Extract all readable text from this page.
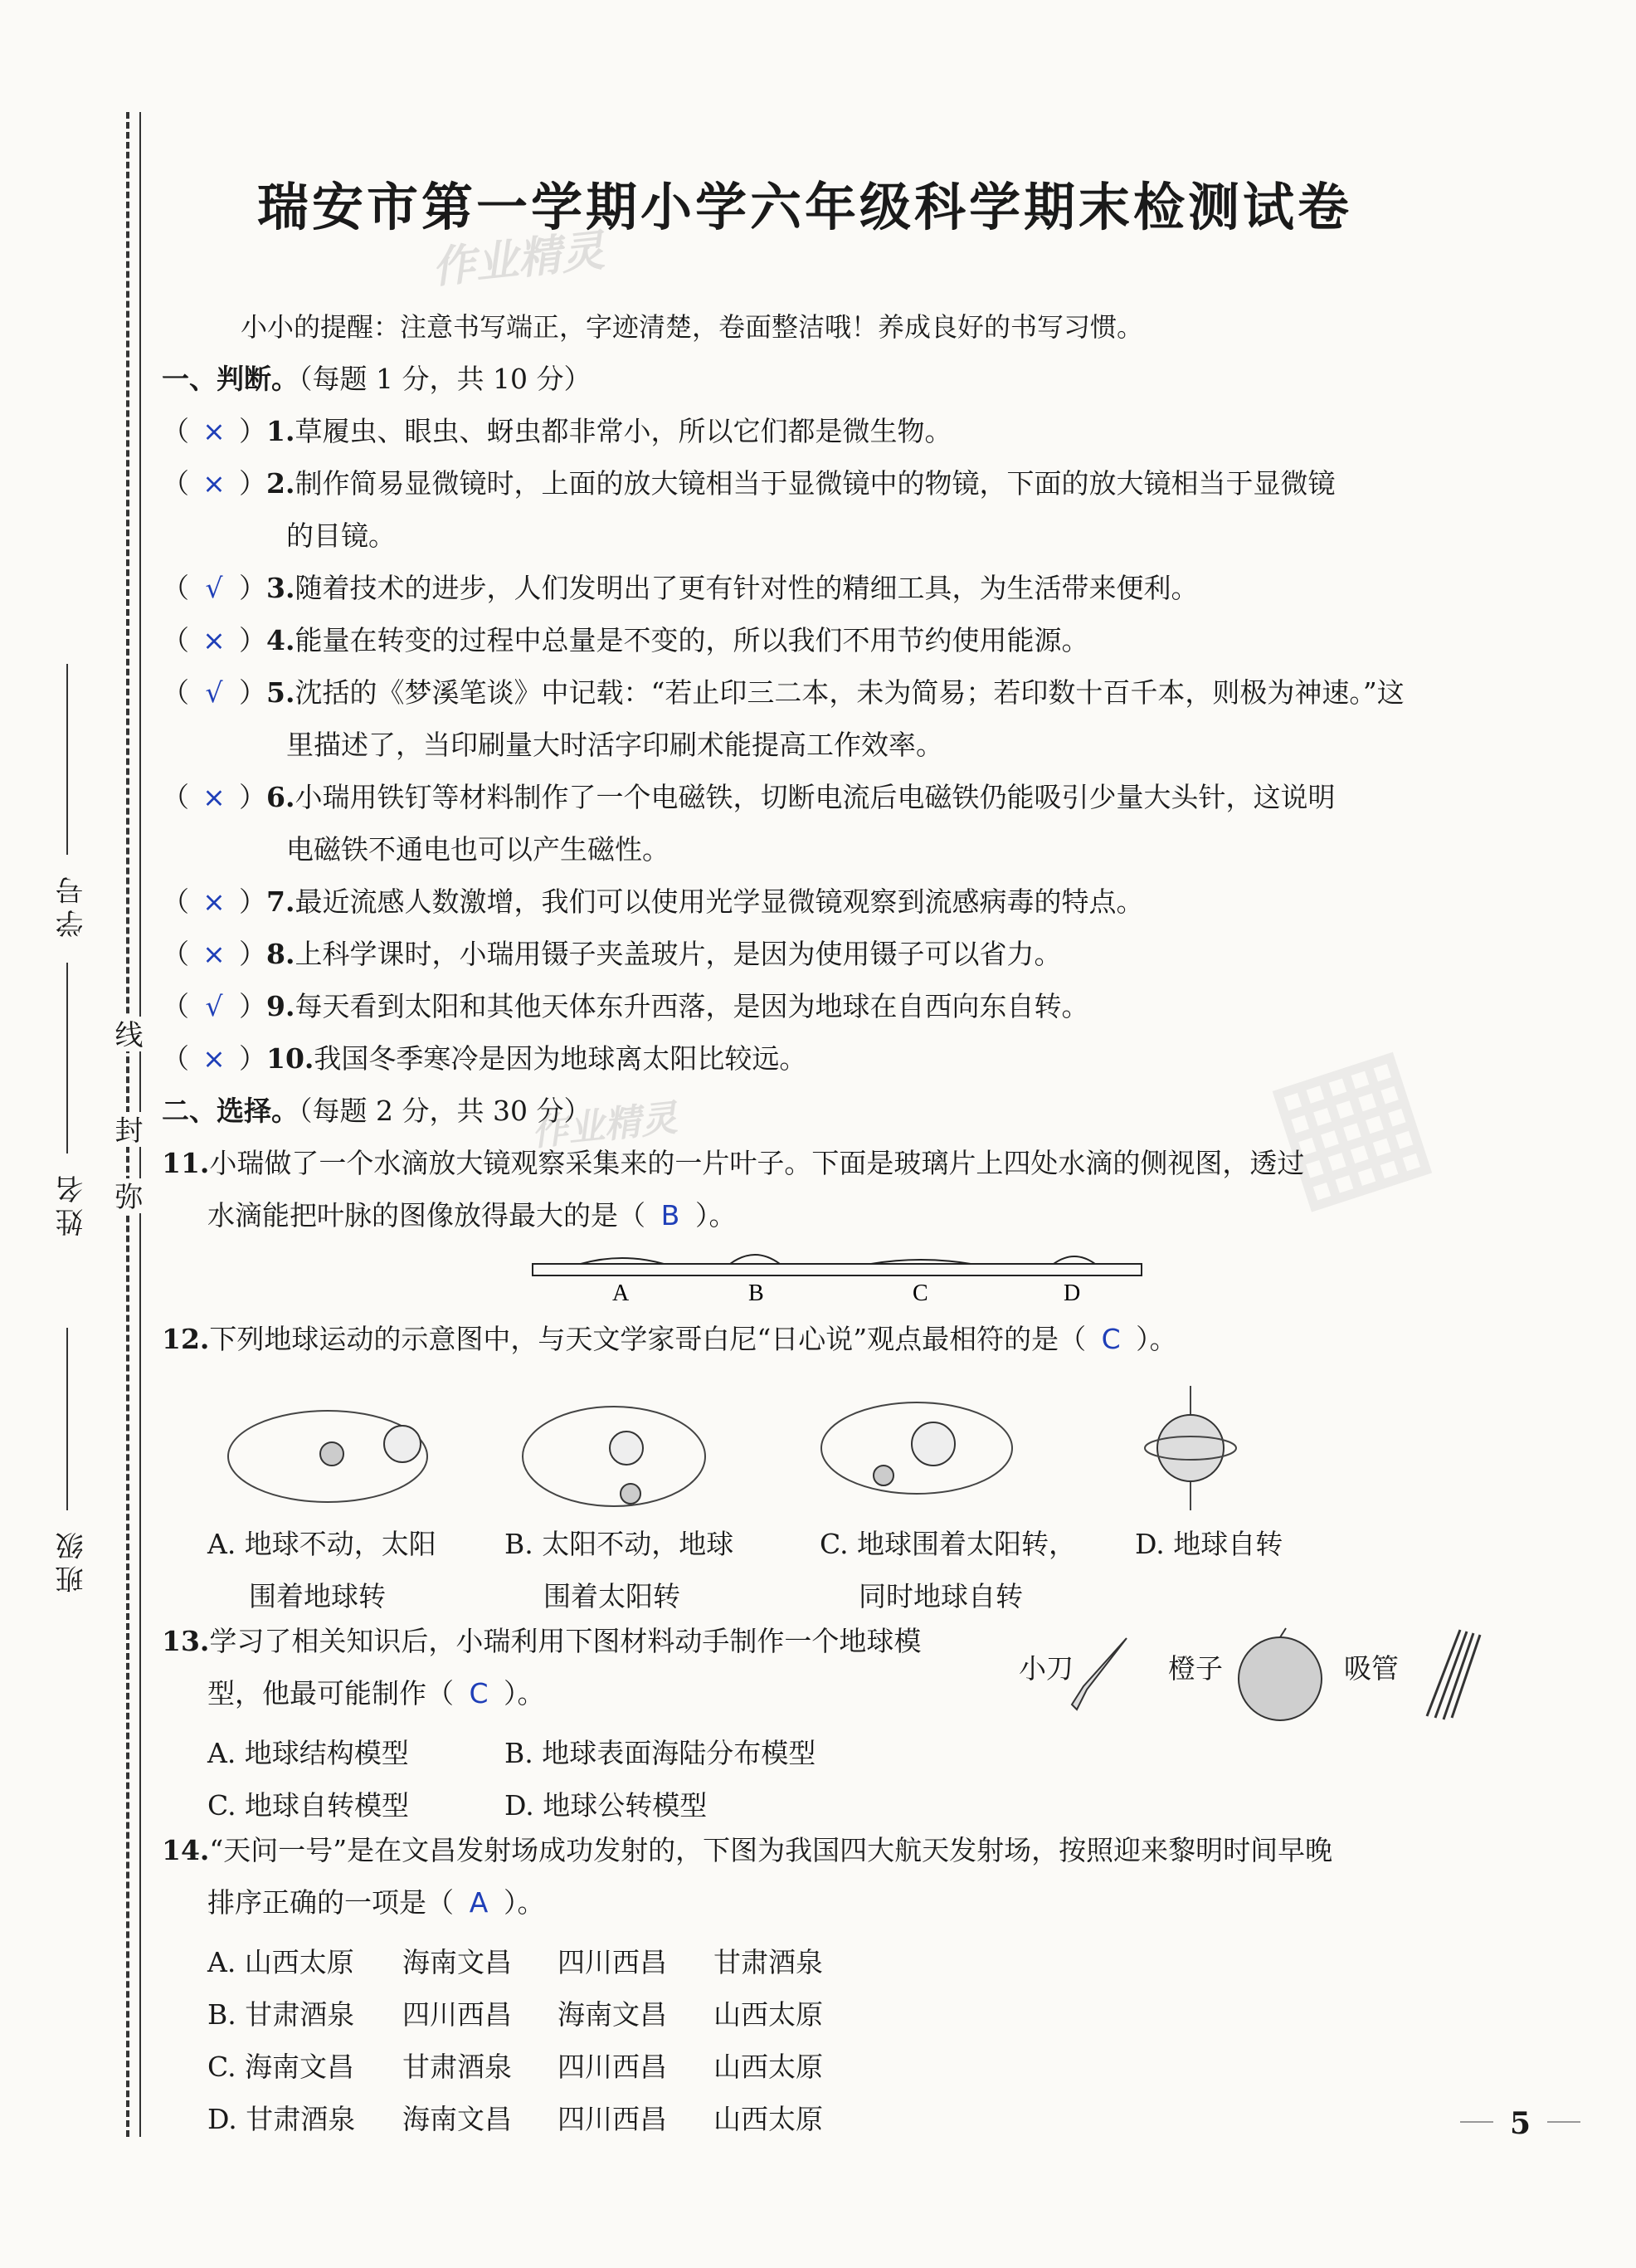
班级
姓名
学号
弥
封
线
作业精灵
作业精灵	▦
瑞安市第一学期小学六年级科学期末检测试卷
小小的提醒：注意书写端正，字迹清楚，卷面整洁哦！养成良好的书写习惯。
一、判断。（每题 1 分，共 10 分）
（ × ）1.草履虫、眼虫、蚜虫都非常小，所以它们都是微生物。
（ × ）2.制作简易显微镜时，上面的放大镜相当于显微镜中的物镜，下面的放大镜相当于显微镜
的目镜。
（ √ ）3.随着技术的进步，人们发明出了更有针对性的精细工具，为生活带来便利。
（ × ）4.能量在转变的过程中总量是不变的，所以我们不用节约使用能源。
（ √ ）5.沈括的《梦溪笔谈》中记载：“若止印三二本，未为简易；若印数十百千本，则极为神速。”这
里描述了，当印刷量大时活字印刷术能提高工作效率。
（ × ）6.小瑞用铁钉等材料制作了一个电磁铁，切断电流后电磁铁仍能吸引少量大头针，这说明
电磁铁不通电也可以产生磁性。
（ × ）7.最近流感人数激增，我们可以使用光学显微镜观察到流感病毒的特点。
（ × ）8.上科学课时，小瑞用镊子夹盖玻片，是因为使用镊子可以省力。
（ √ ）9.每天看到太阳和其他天体东升西落，是因为地球在自西向东自转。
（ × ）10.我国冬季寒冷是因为地球离太阳比较远。
二、选择。（每题 2 分，共 30 分）
11.小瑞做了一个水滴放大镜观察采集来的一片叶子。下面是玻璃片上四处水滴的侧视图，透过
水滴能把叶脉的图像放得最大的是（ B ）。
A	B	C	D
12.下列地球运动的示意图中，与天文学家哥白尼“日心说”观点最相符的是（ C ）。
A. 地球不动，太阳
围着地球转
B. 太阳不动，地球
围着太阳转
C. 地球围着太阳转，
同时地球自转
D. 地球自转
13.学习了相关知识后，小瑞利用下图材料动手制作一个地球模
型，他最可能制作（ C ）。
小刀	橙子	吸管
A. 地球结构模型	B. 地球表面海陆分布模型
C. 地球自转模型	D. 地球公转模型
14.“天问一号”是在文昌发射场成功发射的，下图为我国四大航天发射场，按照迎来黎明时间早晚
排序正确的一项是（ A ）。
A. 山西太原 海南文昌 四川西昌 甘肃酒泉
B. 甘肃酒泉 四川西昌 海南文昌 山西太原
C. 海南文昌 甘肃酒泉 四川西昌 山西太原
D. 甘肃酒泉 海南文昌 四川西昌 山西太原	5
